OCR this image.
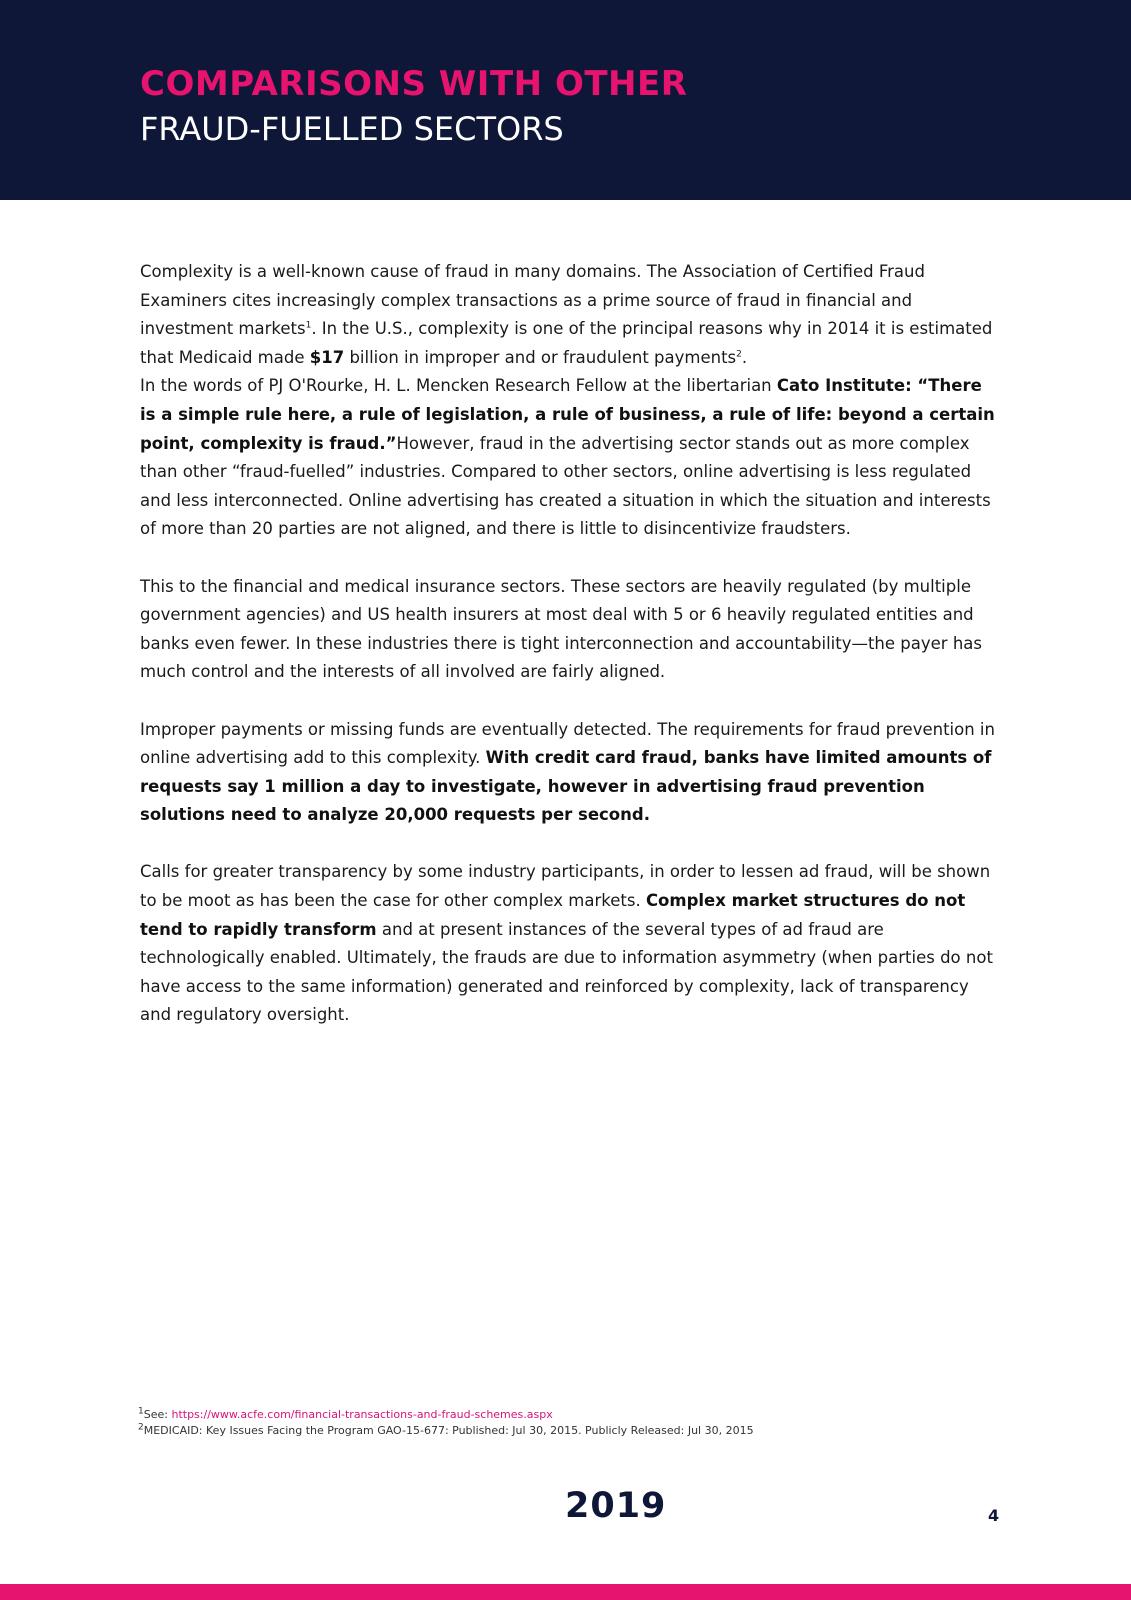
COMPARISONS WITH OTHER
FRAUD-FUELLED SECTORS

Complexity is a well-known cause of fraud in many domains. The Association of Certified Fraud Examiners cites increasingly complex transactions as a prime source of fraud in financial and investment markets$^1$. In the U.S., complexity is one of the principal reasons why in 2014 it is estimated that Medicaid made $17 billion in improper and or fraudulent payments$^2$.
In the words of PJ O'Rourke, H. L. Mencken Research Fellow at the libertarian Cato Institute: “There is a simple rule here, a rule of legislation, a rule of business, a rule of life: beyond a certain point, complexity is fraud.”However, fraud in the advertising sector stands out as more complex than other “fraud-fuelled” industries. Compared to other sectors, online advertising is less regulated and less interconnected. Online advertising has created a situation in which the situation and interests of more than 20 parties are not aligned, and there is little to disincentivize fraudsters.

This to the financial and medical insurance sectors. These sectors are heavily regulated (by multiple government agencies) and US health insurers at most deal with 5 or 6 heavily regulated entities and banks even fewer. In these industries there is tight interconnection and accountability—the payer has much control and the interests of all involved are fairly aligned.

Improper payments or missing funds are eventually detected. The requirements for fraud prevention in online advertising add to this complexity. With credit card fraud, banks have limited amounts of requests say 1 million a day to investigate, however in advertising fraud prevention solutions need to analyze 20,000 requests per second.

Calls for greater transparency by some industry participants, in order to lessen ad fraud, will be shown to be moot as has been the case for other complex markets. Complex market structures do not tend to rapidly transform and at present instances of the several types of ad fraud are technologically enabled. Ultimately, the frauds are due to information asymmetry (when parties do not have access to the same information) generated and reinforced by complexity, lack of transparency and regulatory oversight.

$^1$See: https://www.acfe.com/financial-transactions-and-fraud-schemes.aspx
$^2$MEDICAID: Key Issues Facing the Program GAO-15-677: Published: Jul 30, 2015. Publicly Released: Jul 30, 2015
2019	4
